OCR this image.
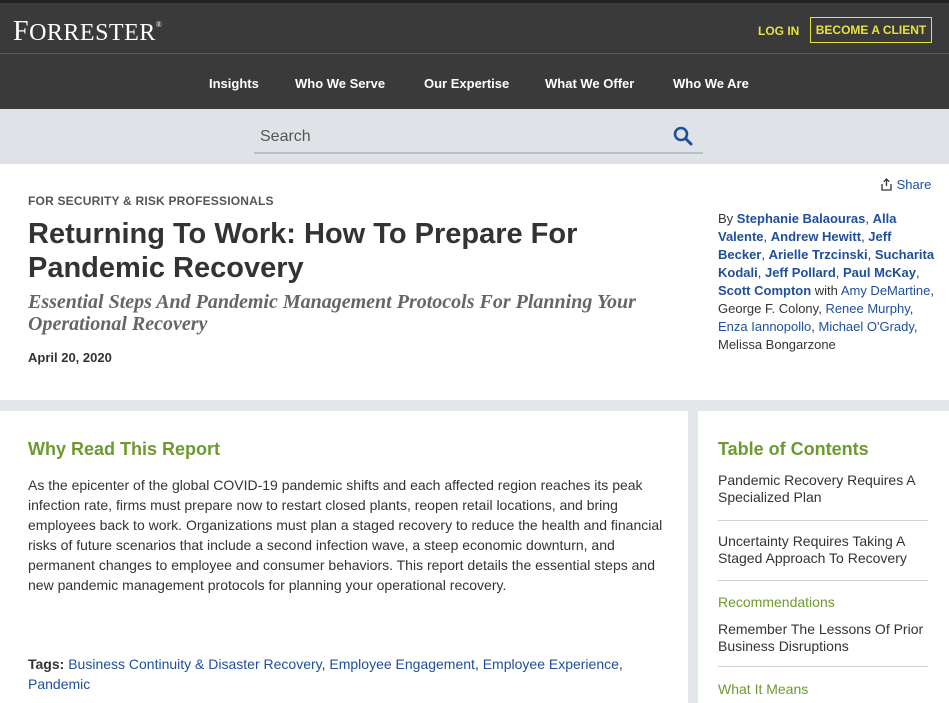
FORRESTER®	LOG IN	BECOME A CLIENT
Insights	Who We Serve	Our Expertise	What We Offer	Who We Are
Search
FOR SECURITY & RISK PROFESSIONALS
Returning To Work: How To Prepare For Pandemic Recovery
Essential Steps And Pandemic Management Protocols For Planning Your Operational Recovery
April 20, 2020
Share
By Stephanie Balaouras, Alla Valente, Andrew Hewitt, Jeff Becker, Arielle Trzcinski, Sucharita Kodali, Jeff Pollard, Paul McKay, Scott Compton with Amy DeMartine, George F. Colony, Renee Murphy, Enza Iannopollo, Michael O'Grady, Melissa Bongarzone
Why Read This Report
As the epicenter of the global COVID-19 pandemic shifts and each affected region reaches its peak infection rate, firms must prepare now to restart closed plants, reopen retail locations, and bring employees back to work. Organizations must plan a staged recovery to reduce the health and financial risks of future scenarios that include a second infection wave, a steep economic downturn, and permanent changes to employee and consumer behaviors. This report details the essential steps and new pandemic management protocols for planning your operational recovery.
Tags: Business Continuity & Disaster Recovery, Employee Engagement, Employee Experience, Pandemic
Table of Contents
Pandemic Recovery Requires A Specialized Plan
Uncertainty Requires Taking A Staged Approach To Recovery
Recommendations
Remember The Lessons Of Prior Business Disruptions
What It Means
